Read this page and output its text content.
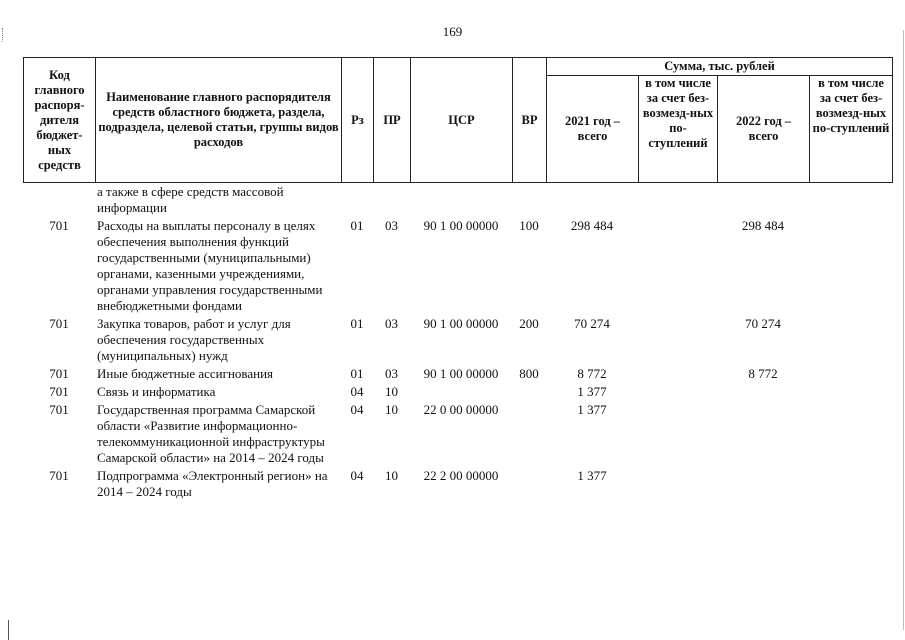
169
Код главного распоря-дителя бюджет-ных средств	Наименование главного распорядителя средств областного бюджета, раздела, подраздела, целевой статьи, группы видов расходов	Рз	ПР	ЦСР	ВР	Сумма, тыс. рублей			
						2021 год – всего	в том числе за счет без-возмезд-ных по-ступлений	2022 год – всего	в том числе за счет без-возмезд-ных по-ступлений
	а также в сфере средств массовой информации								
701	Расходы на выплаты персоналу в целях обеспечения выполнения функций государственными (муниципальными) органами, казенными учреждениями, органами управления государственными внебюджетными фондами	01	03	90 1 00 00000	100	298 484		298 484	
701	Закупка товаров, работ и услуг для обеспечения государственных (муниципальных) нужд	01	03	90 1 00 00000	200	70 274		70 274	
701	Иные бюджетные ассигнования	01	03	90 1 00 00000	800	8 772		8 772	
701	Связь и информатика	04	10			1 377			
701	Государственная программа Самарской области «Развитие информационно-телекоммуникационной инфраструктуры Самарской области» на 2014 – 2024 годы	04	10	22 0 00 00000		1 377			
701	Подпрограмма «Электронный регион» на 2014 – 2024 годы	04	10	22 2 00 00000		1 377			
